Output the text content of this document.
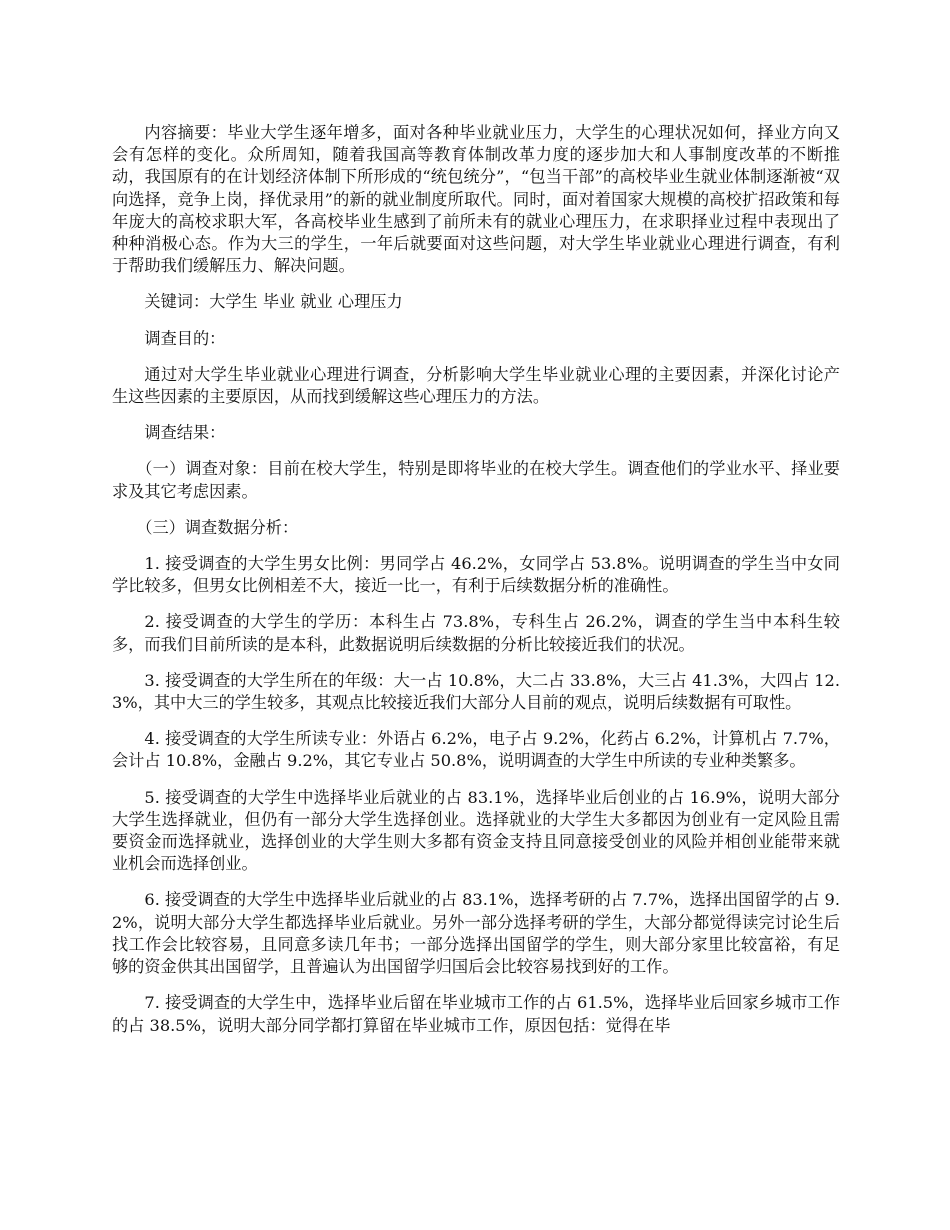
内容摘要：毕业大学生逐年增多，面对各种毕业就业压力，大学生的心理状况如何，择业方向又会有怎样的变化。众所周知，随着我国高等教育体制改革力度的逐步加大和人事制度改革的不断推动，我国原有的在计划经济体制下所形成的“统包统分”，“包当干部”的高校毕业生就业体制逐渐被“双向选择，竞争上岗，择优录用”的新的就业制度所取代。同时，面对着国家大规模的高校扩招政策和每年庞大的高校求职大军，各高校毕业生感到了前所未有的就业心理压力，在求职择业过程中表现出了种种消极心态。作为大三的学生，一年后就要面对这些问题，对大学生毕业就业心理进行调查，有利于帮助我们缓解压力、解决问题。

关键词：大学生 毕业 就业 心理压力

调查目的：

通过对大学生毕业就业心理进行调查，分析影响大学生毕业就业心理的主要因素，并深化讨论产生这些因素的主要原因，从而找到缓解这些心理压力的方法。

调查结果：

（一）调查对象：目前在校大学生，特别是即将毕业的在校大学生。调查他们的学业水平、择业要求及其它考虑因素。

（三）调查数据分析：

1. 接受调查的大学生男女比例：男同学占 46.2%，女同学占 53.8%。说明调查的学生当中女同学比较多，但男女比例相差不大，接近一比一，有利于后续数据分析的准确性。

2. 接受调查的大学生的学历：本科生占 73.8%，专科生占 26.2%，调查的学生当中本科生较多，而我们目前所读的是本科，此数据说明后续数据的分析比较接近我们的状况。

3. 接受调查的大学生所在的年级：大一占 10.8%，大二占 33.8%，大三占 41.3%，大四占 12.3%，其中大三的学生较多，其观点比较接近我们大部分人目前的观点，说明后续数据有可取性。

4. 接受调查的大学生所读专业：外语占 6.2%，电子占 9.2%，化药占 6.2%，计算机占 7.7%，会计占 10.8%，金融占 9.2%，其它专业占 50.8%，说明调查的大学生中所读的专业种类繁多。

5. 接受调查的大学生中选择毕业后就业的占 83.1%，选择毕业后创业的占 16.9%，说明大部分大学生选择就业，但仍有一部分大学生选择创业。选择就业的大学生大多都因为创业有一定风险且需要资金而选择就业，选择创业的大学生则大多都有资金支持且同意接受创业的风险并相创业能带来就业机会而选择创业。

6. 接受调查的大学生中选择毕业后就业的占 83.1%，选择考研的占 7.7%，选择出国留学的占 9.2%，说明大部分大学生都选择毕业后就业。另外一部分选择考研的学生，大部分都觉得读完讨论生后找工作会比较容易，且同意多读几年书；一部分选择出国留学的学生，则大部分家里比较富裕，有足够的资金供其出国留学，且普遍认为出国留学归国后会比较容易找到好的工作。

7. 接受调查的大学生中，选择毕业后留在毕业城市工作的占 61.5%，选择毕业后回家乡城市工作的占 38.5%，说明大部分同学都打算留在毕业城市工作，原因包括：觉得在毕
